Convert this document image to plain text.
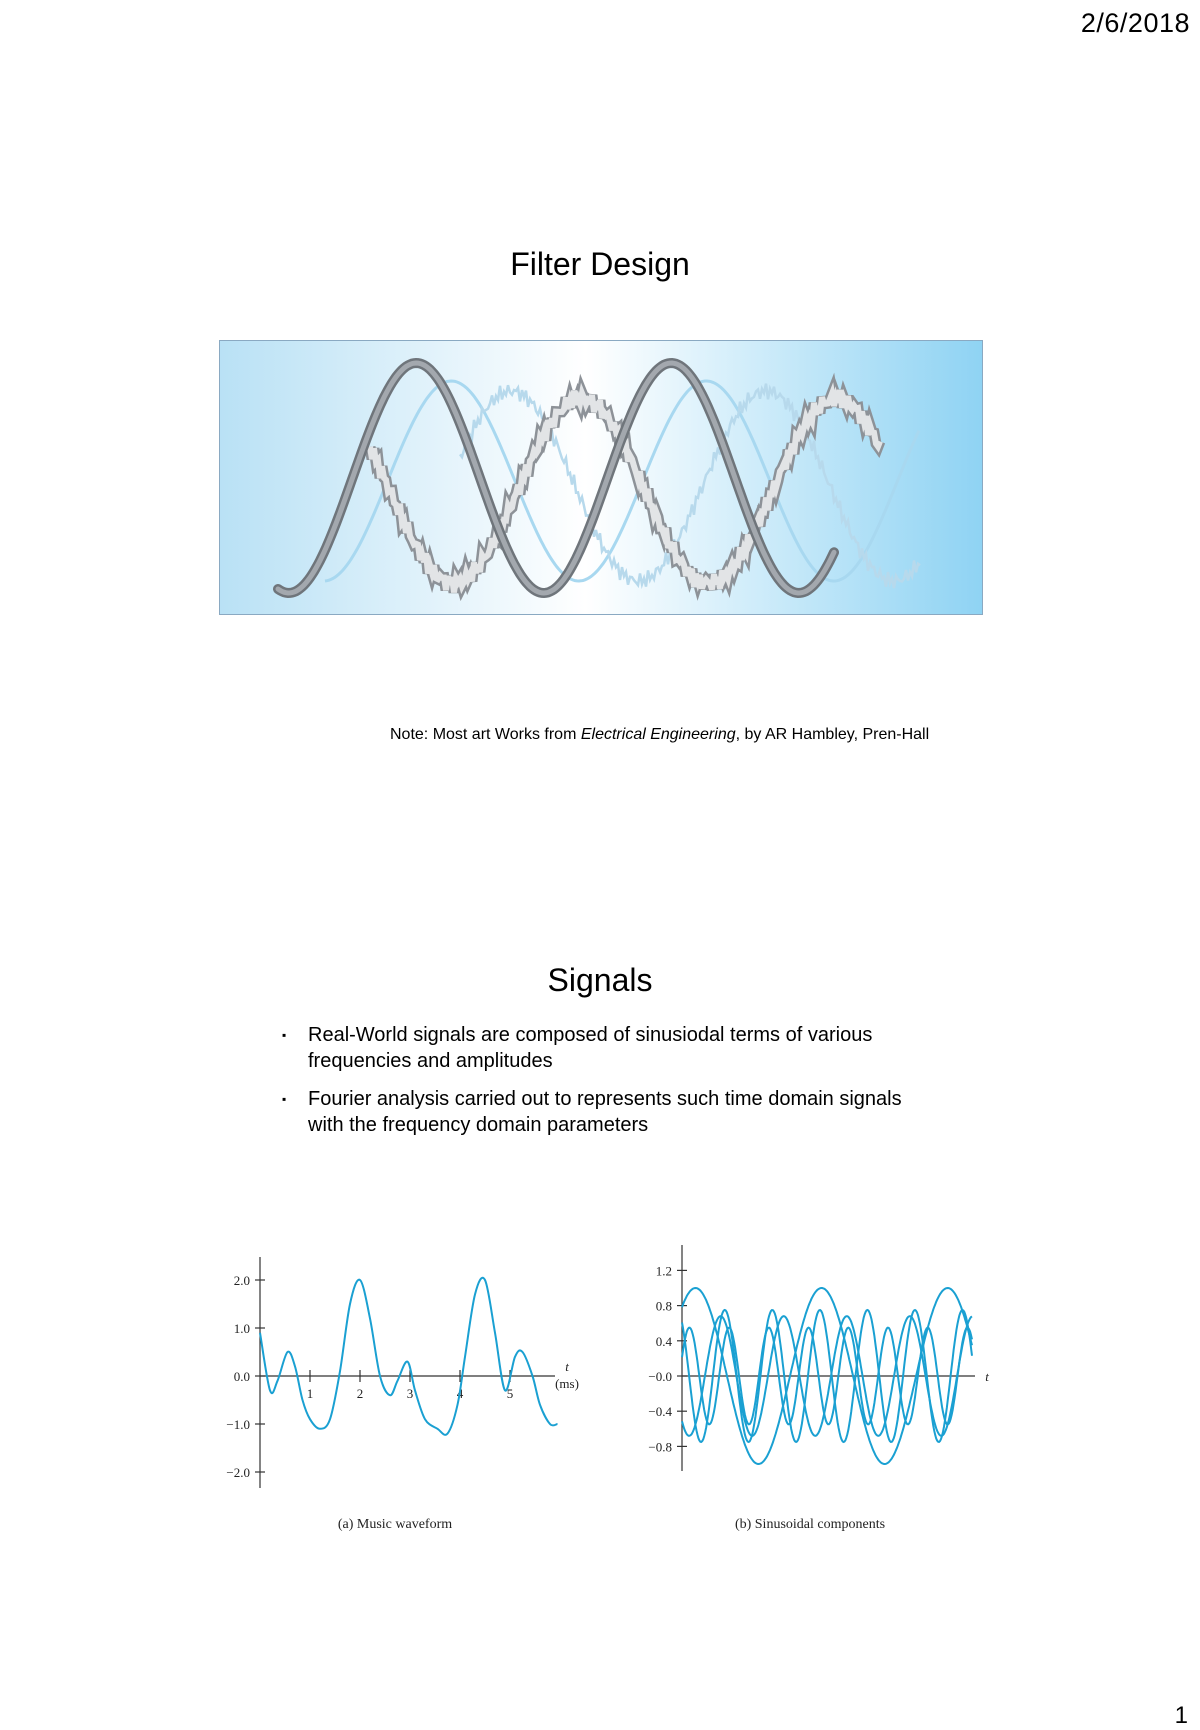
2/6/2018
1
Filter Design
Note: Most art Works from Electrical Engineering, by AR Hambley, Pren-Hall
Signals
▪ Real-World signals are composed of sinusiodal terms of various frequencies and amplitudes
▪ Fourier analysis carried out to represents such time domain signals with the frequency domain parameters
2.0
1.0
0.0
−1.0
−2.0
1	2	3	4	5
t
(ms)
(a) Music waveform
1.2
0.8
0.4
−0.0
−0.4
−0.8
t
(b) Sinusoidal components
